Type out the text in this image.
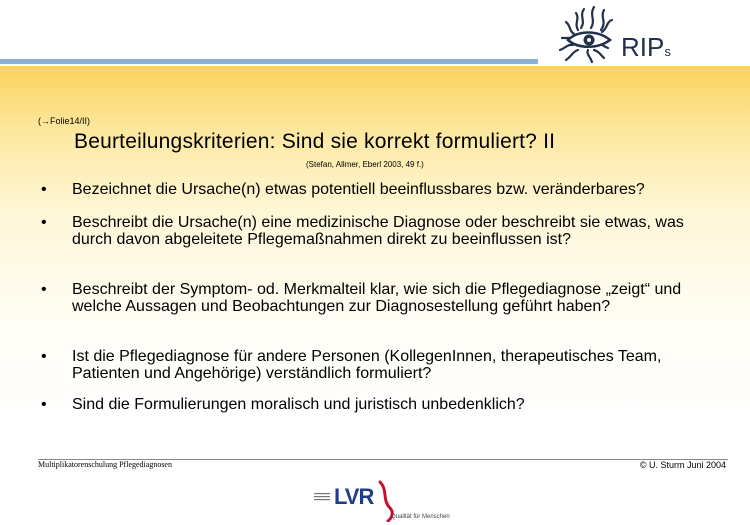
RIPs
(→Folie14/II)
Beurteilungskriterien: Sind sie korrekt formuliert? II
(Stefan, Allmer, Eberl 2003, 49 f.)
• Bezeichnet die Ursache(n) etwas potentiell beeinflussbares bzw. veränderbares?
• Beschreibt die Ursache(n) eine medizinische Diagnose oder beschreibt sie etwas, was durch davon abgeleitete Pflegemaßnahmen direkt zu beeinflussen ist?
• Beschreibt der Symptom- od. Merkmalteil klar, wie sich die Pflegediagnose „zeigt“ und welche Aussagen und Beobachtungen zur Diagnosestellung geführt haben?
• Ist die Pflegediagnose für andere Personen (KollegenInnen, therapeutisches Team, Patienten und Angehörige) verständlich formuliert?
• Sind die Formulierungen moralisch und juristisch unbedenklich?
Multiplikatorenschulung Pflegediagnosen	© U. Sturm Juni 2004
LVR
Qualität für Menschen
